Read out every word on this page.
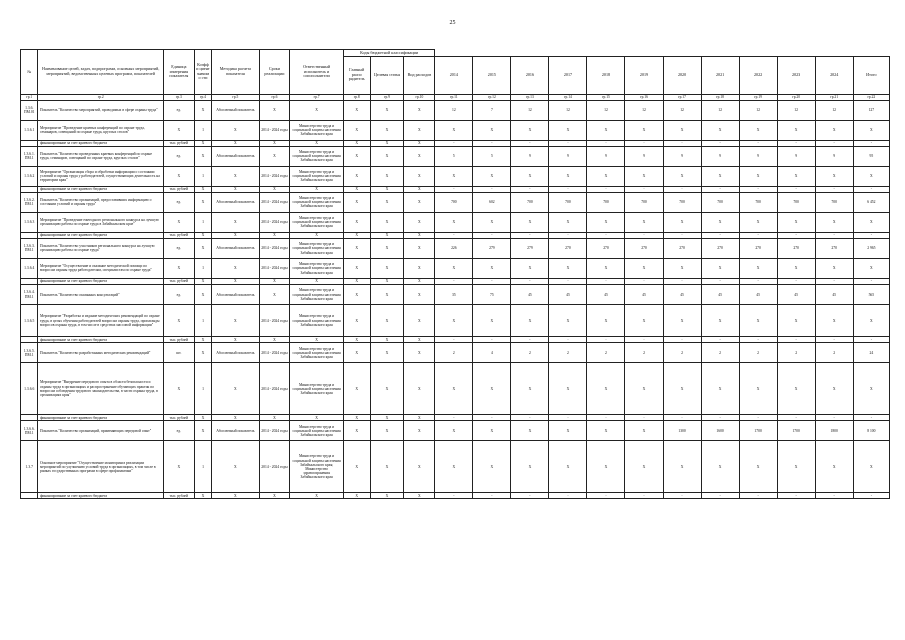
25
№	Наименование целей, задач, подпрограмм, основных мероприятий, мероприятий, ведомственных целевых программ, показателей	Единица измерения показателя	Коэффи циент значимо сти	Методика расчета показателя	Сроки реализации	Ответственный исполнитель и соисполнители	Коды бюджетной классификации														
							Главный распо рядитель	Целевая статья	Вид расходов	2014	2015	2016	2017	2018	2019	2020	2021	2022	2023	2024	Итого
гр.1	гр.2	гр.3	гр.4	гр.5	гр.6	гр.7	гр.8	гр.9	гр.10	гр.11	гр.12	гр.13	гр.14	гр.15	гр.16	гр.17	гр.18	гр.19	гр.20	гр.21	гр.22
1.3.6. ПМ.01	Показатель "Количество мероприятий, проводимых в сфере охраны труда"	ед.	Х	Абсолютный показатель	Х	Х	Х	Х	Х	12	7	12	12	12	12	12	12	12	12	12	127
1.3.6.1	Мероприятие "Проведение краевых конференций по охране труда, семинаров, совещаний по охране труда, круглых столов"	Х	1	Х	2014 - 2024 годы	Министерство труда и социальной защиты населения Забайкальского края	Х	Х	Х	Х	Х	Х	Х	Х	Х	Х	Х	Х	Х	Х	Х
	финансирование за счет краевого бюджета	тыс. рублей	Х	Х	Х	Х	Х	Х	Х	-	-	-	-	-	-	-	-	-	-	-	-
1.3.6.1. ПМ.1	Показатель "Количество проведенных краевых конференций по охране труда, семинаров, совещаний по охране труда, круглых столов"	ед.	Х	Абсолютный показатель	Х	Министерство труда и социальной защиты населения Забайкальского края	Х	Х	Х	5	5	9	9	9	9	9	9	9	9	9	95
1.3.6.2	Мероприятие "Организация сбора и обработки информации о состоянии условий и охраны труда у работодателей, осуществляющих деятельность на территории края"	Х	1	Х	2014 - 2024 годы	Министерство труда и социальной защиты населения Забайкальского края	Х	Х	Х	Х	Х	Х	Х	Х	Х	Х	Х	Х	Х	Х	Х
	финансирование за счет краевого бюджета	тыс. рублей	Х	Х	Х	Х	Х	Х	Х	-	-	-	-	-	-	-	-	-	-	-	-
1.3.6.2. ПМ.1	Показатель "Количество организаций, предоставивших информацию о состоянии условий и охраны труда"	ед.	Х	Абсолютный показатель	2014 - 2024 годы	Министерство труда и социальной защиты населения Забайкальского края	Х	Х	Х	700	602	700	700	700	700	700	700	700	700	700	6 452
1.3.6.3	Мероприятие "Проведение ежегодного регионального конкурса на лучшую организацию работы по охране труда в Забайкальском крае"	Х	1	Х	2014 - 2024 годы	Министерство труда и социальной защиты населения Забайкальского края	Х	Х	Х	Х	Х	Х	Х	Х	Х	Х	Х	Х	Х	Х	Х
	финансирование за счет краевого бюджета	тыс. рублей	Х	Х	Х	Х	Х	Х	Х	-	-	-	-	-	-	-	-	-	-	-	-
1.3.6.3. ПМ.1	Показатель "Количество участников регионального конкурса на лучшую организацию работы по охране труда"	ед.	Х	Абсолютный показатель	2014 - 2024 годы	Министерство труда и социальной защиты населения Забайкальского края	Х	Х	Х	226	279	279	270	270	270	270	270	270	270	270	2 965
1.3.6.4	Мероприятие "Осуществление и оказание методической помощи по вопросам охраны труда работодателям, специалистам по охране труда"	Х	1	Х	2014 - 2024 годы	Министерство труда и социальной защиты населения Забайкальского края	Х	Х	Х	Х	Х	Х	Х	Х	Х	Х	Х	Х	Х	Х	Х
	финансирование за счет краевого бюджета	тыс. рублей	Х	Х	Х	Х	Х	Х	Х	-	-	-	-	-	-	-	-	-	-	-	-
1.3.6.4. ПМ.1	Показатель "Количество оказанных консультаций"	ед.	Х	Абсолютный показатель	Х	Министерство труда и социальной защиты населения Забайкальского края	Х	Х	Х	35	75	45	45	45	45	45	45	45	45	45	565
1.3.6.5	Мероприятие "Разработка и издание методических рекомендаций по охране труда, в целях обучения работодателей вопросам охраны труда, пропаганды вопросов охраны труда, в том числе в средствах массовой информации"	Х	1	Х	2014 - 2024 годы	Министерство труда и социальной защиты населения Забайкальского края	Х	Х	Х	Х	Х	Х	Х	Х	Х	Х	Х	Х	Х	Х	Х
	финансирование за счет краевого бюджета	тыс. рублей	Х	Х	Х	Х	Х	Х	Х	-	-	-	-	-	-	-	-	-	-	-	-
1.3.6.5. ПМ.1	Показатель "Количество разработанных методических рекомендаций"	шт.	Х	Абсолютный показатель	2014 - 2024 годы	Министерство труда и социальной защиты населения Забайкальского края	Х	Х	Х	2	4	2	2	2	2	2	2	2	2	2	24
1.3.6.6	Мероприятие "Внедрение передового опыта в области безопасности и охраны труда в организациях и распространение обучающих практик по вопросам соблюдения трудового законодательства, в части охраны труда, в организациях края"	Х	1	Х	2014 - 2024 годы	Министерство труда и социальной защиты населения Забайкальского края	Х	Х	Х	Х	Х	Х	Х	Х	Х	Х	Х	Х	Х	Х	Х
	финансирование за счет краевого бюджета	тыс. рублей	Х	Х	Х	Х	Х	Х	Х	-	-	-	-	-	-	-	-	-	-	-	-
1.3.6.6. ПМ.1	Показатель "Количество организаций, применяющих передовой опыт"	ед.	Х	Абсолютный показатель	2014 - 2024 годы	Министерство труда и социальной защиты населения Забайкальского края	Х	Х	Х	Х	Х	Х	Х	Х	Х	1300	1600	1700	1700	1800	8 100
1.3.7	Основное мероприятие "Осуществление мониторинга реализации мероприятий по улучшению условий труда в организациях, в том числе в рамках государственных программ в сфере профилактики"	Х	1	Х	2014 - 2024 годы	Министерство труда и социальной защиты населения Забайкальского края; Министерство здравоохранения Забайкальского края	Х	Х	Х	Х	Х	Х	Х	Х	Х	Х	Х	Х	Х	Х	Х
	финансирование за счет краевого бюджета	тыс. рублей	Х	Х	Х	Х	Х	Х	Х	-	-	-	-	-	-	-	-	-	-	-	-
